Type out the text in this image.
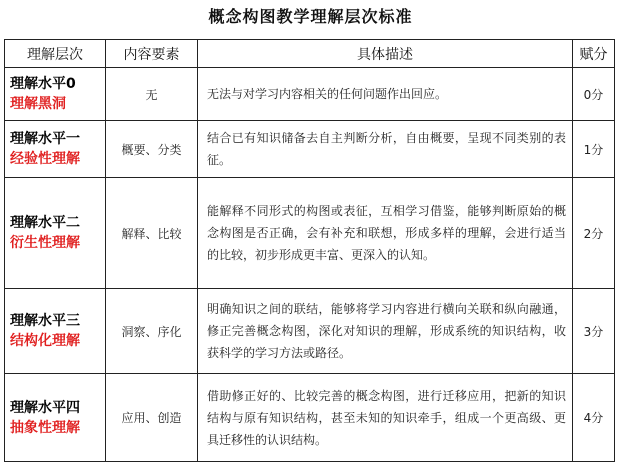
概念构图教学理解层次标准
理解层次	内容要素	具体描述	赋分

理解水平0
理解黑洞	无	无法与对学习内容相关的任何问题作出回应。	0分

理解水平一
经验性理解	概要、分类	结合已有知识储备去自主判断分析，自由概要，呈现不同类别的表征。	1分

理解水平二
衍生性理解	解释、比较	能解释不同形式的构图或表征，互相学习借鉴，能够判断原始的概念构图是否正确，会有补充和联想，形成多样的理解，会进行适当的比较，初步形成更丰富、更深入的认知。	2分

理解水平三
结构化理解	洞察、序化	明确知识之间的联结，能够将学习内容进行横向关联和纵向融通，修正完善概念构图，深化对知识的理解，形成系统的知识结构，收获科学的学习方法或路径。	3分

理解水平四
抽象性理解	应用、创造	借助修正好的、比较完善的概念构图，进行迁移应用，把新的知识结构与原有知识结构，甚至未知的知识牵手，组成一个更高级、更具迁移性的认识结构。	4分
